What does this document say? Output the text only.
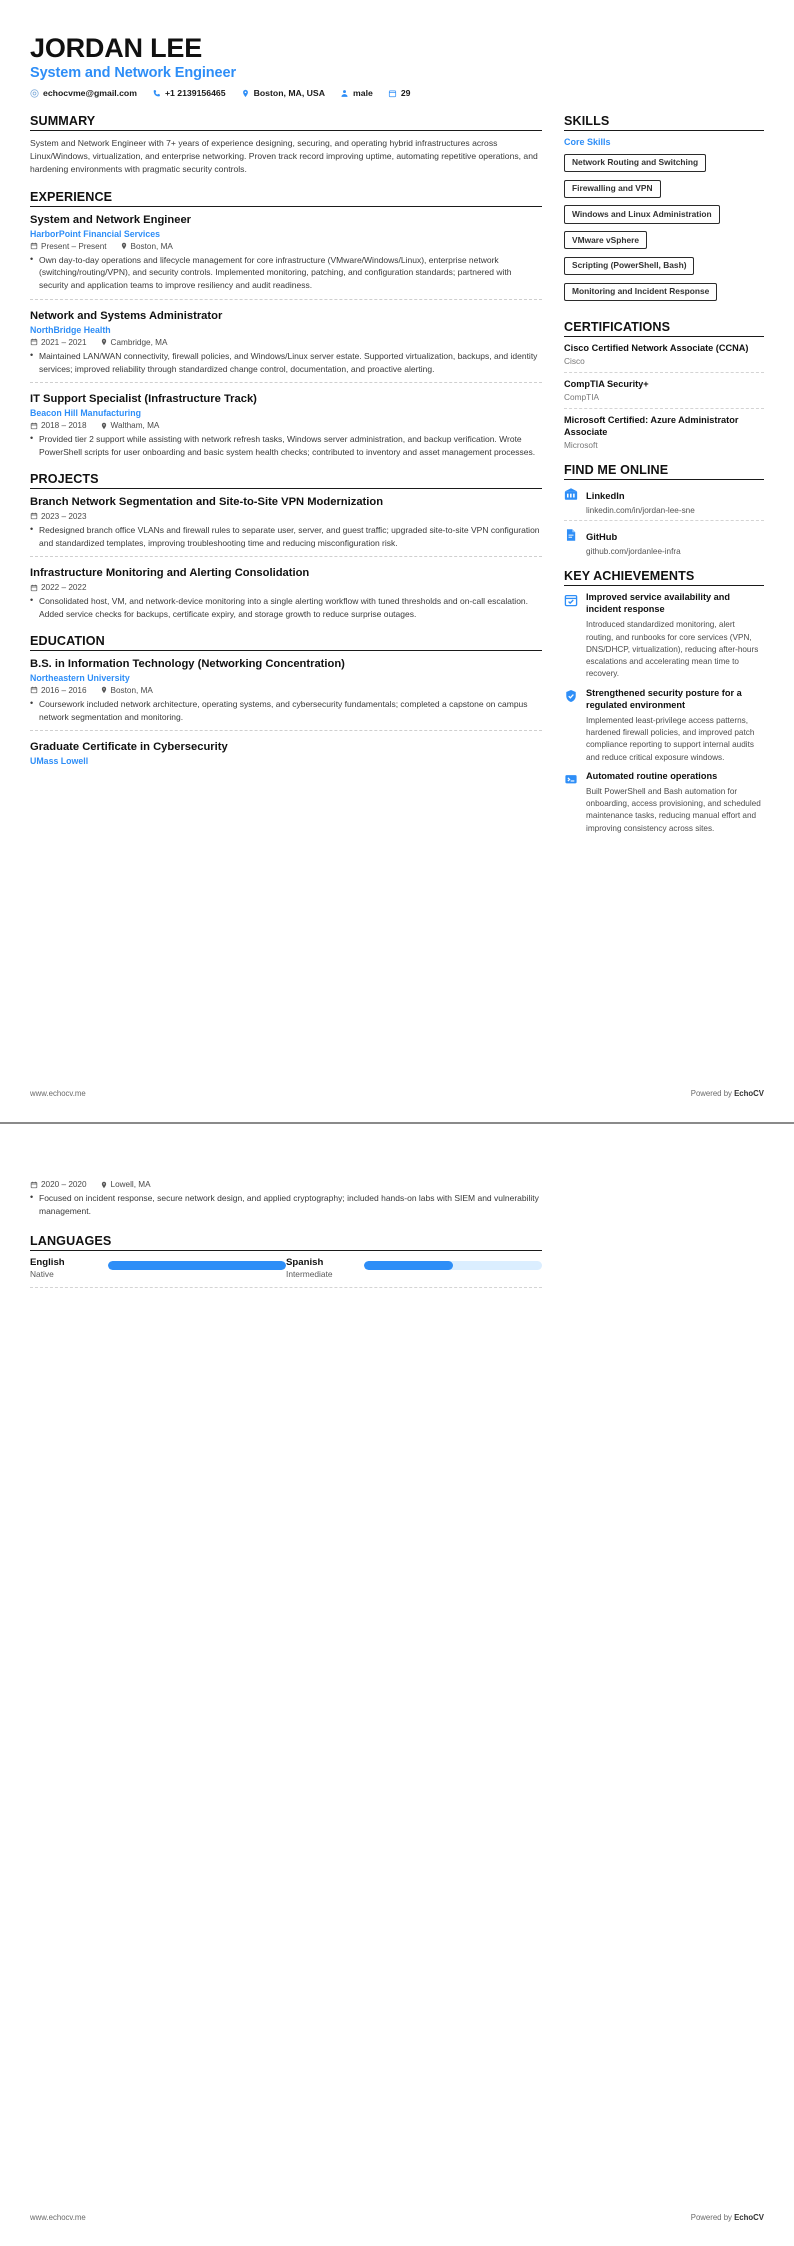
JORDAN LEE
System and Network Engineer
echocvme@gmail.com	+1 2139156465	Boston, MA, USA	male	29
SUMMARY
System and Network Engineer with 7+ years of experience designing, securing, and operating hybrid infrastructures across Linux/Windows, virtualization, and enterprise networking. Proven track record improving uptime, automating repetitive operations, and hardening environments with pragmatic security controls.
EXPERIENCE
System and Network Engineer
HarborPoint Financial Services
Present – Present	Boston, MA
• Own day-to-day operations and lifecycle management for core infrastructure (VMware/Windows/Linux), enterprise network (switching/routing/VPN), and security controls. Implemented monitoring, patching, and configuration standards; partnered with security and application teams to improve resiliency and audit readiness.
Network and Systems Administrator
NorthBridge Health
2021 – 2021	Cambridge, MA
• Maintained LAN/WAN connectivity, firewall policies, and Windows/Linux server estate. Supported virtualization, backups, and identity services; improved reliability through standardized change control, documentation, and proactive alerting.
IT Support Specialist (Infrastructure Track)
Beacon Hill Manufacturing
2018 – 2018	Waltham, MA
• Provided tier 2 support while assisting with network refresh tasks, Windows server administration, and backup verification. Wrote PowerShell scripts for user onboarding and basic system health checks; contributed to inventory and asset management processes.
PROJECTS
Branch Network Segmentation and Site-to-Site VPN Modernization
2023 – 2023
• Redesigned branch office VLANs and firewall rules to separate user, server, and guest traffic; upgraded site-to-site VPN configuration and standardized templates, improving troubleshooting time and reducing misconfiguration risk.
Infrastructure Monitoring and Alerting Consolidation
2022 – 2022
• Consolidated host, VM, and network-device monitoring into a single alerting workflow with tuned thresholds and on-call escalation. Added service checks for backups, certificate expiry, and storage growth to reduce surprise outages.
EDUCATION
B.S. in Information Technology (Networking Concentration)
Northeastern University
2016 – 2016	Boston, MA
• Coursework included network architecture, operating systems, and cybersecurity fundamentals; completed a capstone on campus network segmentation and monitoring.
Graduate Certificate in Cybersecurity
UMass Lowell
SKILLS
Core Skills
Network Routing and Switching Firewalling and VPN Windows and Linux Administration VMware vSphere Scripting (PowerShell, Bash) Monitoring and Incident Response
CERTIFICATIONS
Cisco Certified Network Associate (CCNA)
Cisco
CompTIA Security+
CompTIA
Microsoft Certified: Azure Administrator Associate
Microsoft
FIND ME ONLINE
LinkedIn
linkedin.com/in/jordan-lee-sne
GitHub
github.com/jordanlee-infra
KEY ACHIEVEMENTS
Improved service availability and incident response
Introduced standardized monitoring, alert routing, and runbooks for core services (VPN, DNS/DHCP, virtualization), reducing after-hours escalations and accelerating mean time to recovery.
Strengthened security posture for a regulated environment
Implemented least-privilege access patterns, hardened firewall policies, and improved patch compliance reporting to support internal audits and reduce critical exposure windows.
Automated routine operations
Built PowerShell and Bash automation for onboarding, access provisioning, and scheduled maintenance tasks, reducing manual effort and improving consistency across sites.
www.echocv.me	Powered by EchoCV
2020 – 2020	Lowell, MA
• Focused on incident response, secure network design, and applied cryptography; included hands-on labs with SIEM and vulnerability management.
LANGUAGES
English
Native
Spanish
Intermediate
www.echocv.me	Powered by EchoCV
